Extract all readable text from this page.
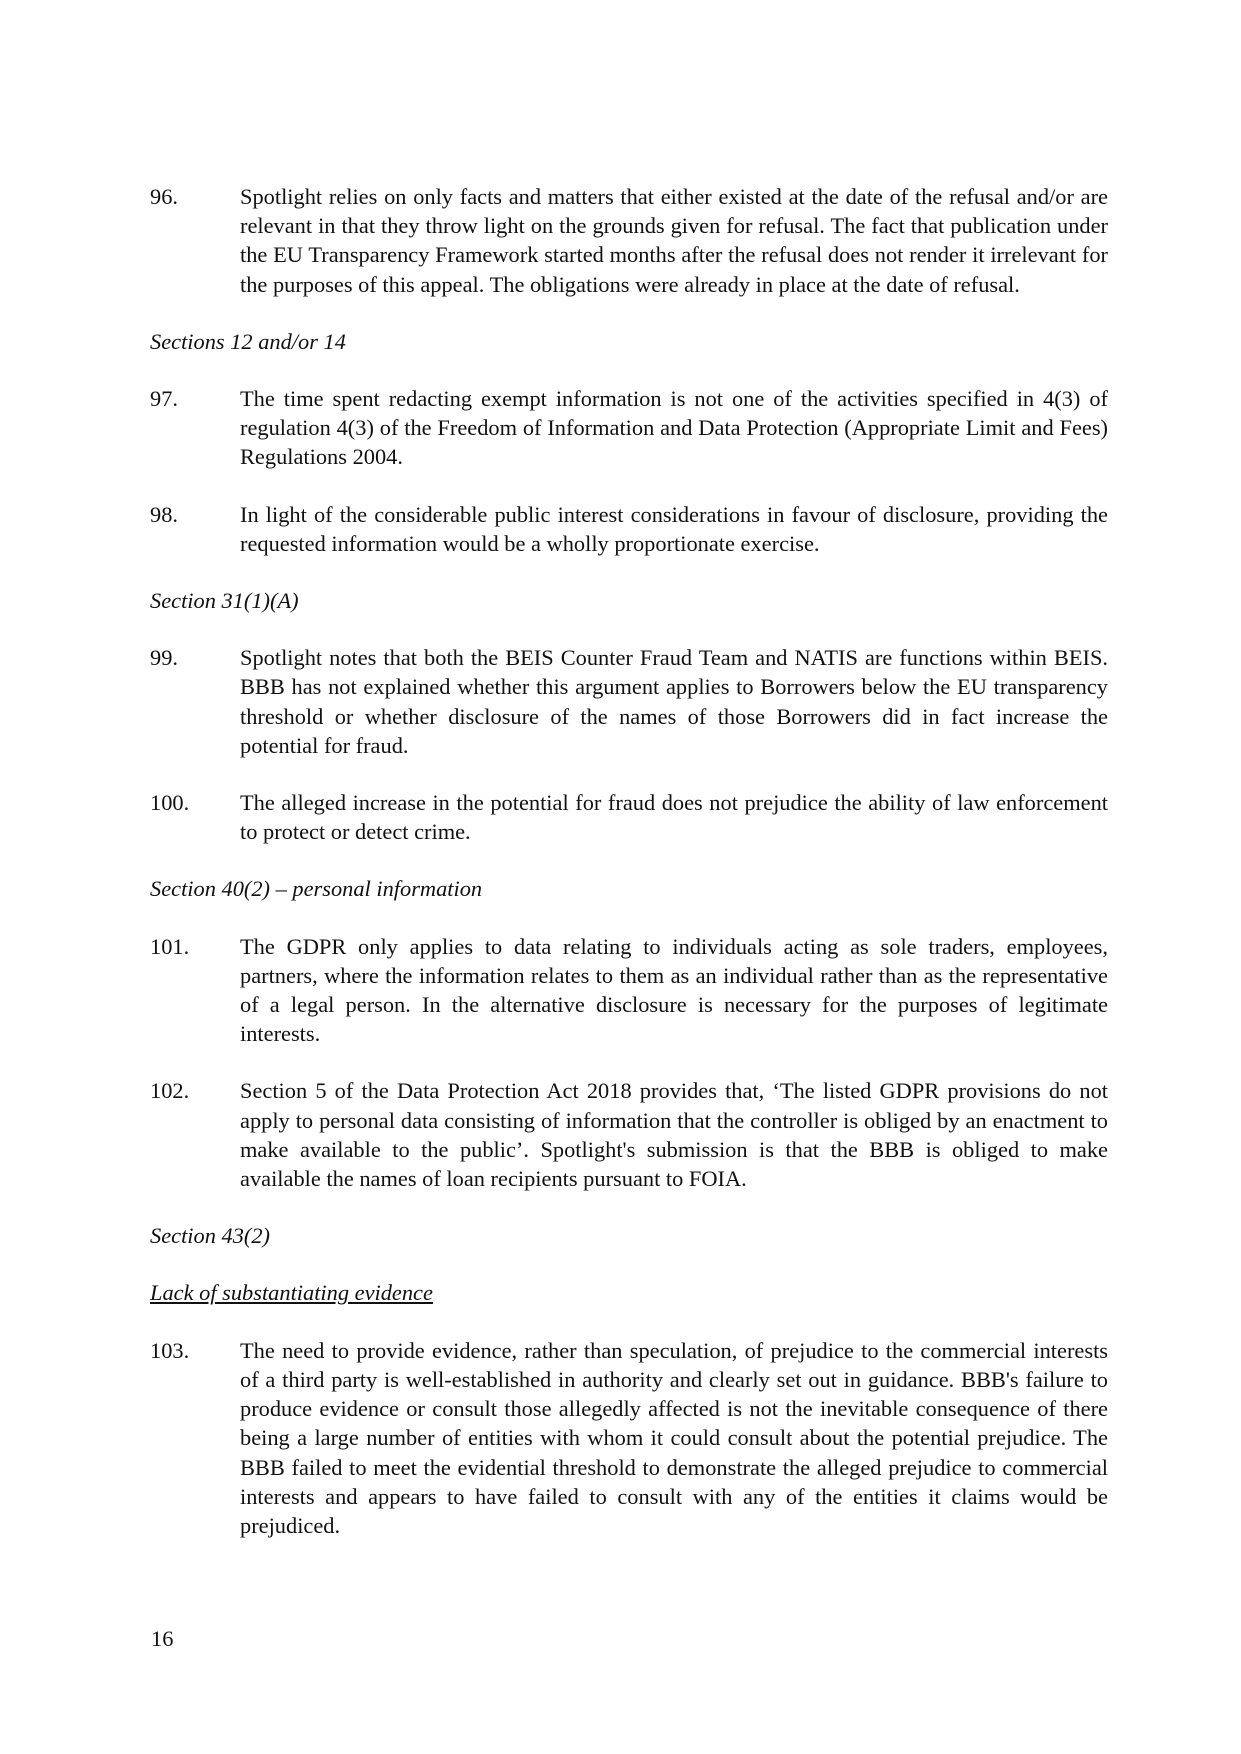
96.	Spotlight relies on only facts and matters that either existed at the date of the refusal and/or are relevant in that they throw light on the grounds given for refusal. The fact that publication under the EU Transparency Framework started months after the refusal does not render it irrelevant for the purposes of this appeal. The obligations were already in place at the date of refusal.
Sections 12 and/or 14
97.	The time spent redacting exempt information is not one of the activities specified in 4(3) of regulation 4(3) of the Freedom of Information and Data Protection (Appropriate Limit and Fees) Regulations 2004.
98.	In light of the considerable public interest considerations in favour of disclosure, providing the requested information would be a wholly proportionate exercise.
Section 31(1)(A)
99.	Spotlight notes that both the BEIS Counter Fraud Team and NATIS are functions within BEIS. BBB has not explained whether this argument applies to Borrowers below the EU transparency threshold or whether disclosure of the names of those Borrowers did in fact increase the potential for fraud.
100.	The alleged increase in the potential for fraud does not prejudice the ability of law enforcement to protect or detect crime.
Section 40(2) – personal information
101.	The GDPR only applies to data relating to individuals acting as sole traders, employees, partners, where the information relates to them as an individual rather than as the representative of a legal person. In the alternative disclosure is necessary for the purposes of legitimate interests.
102.	Section 5 of the Data Protection Act 2018 provides that, ‘The listed GDPR provisions do not apply to personal data consisting of information that the controller is obliged by an enactment to make available to the public’. Spotlight's submission is that the BBB is obliged to make available the names of loan recipients pursuant to FOIA.
Section 43(2)
Lack of substantiating evidence
103.	The need to provide evidence, rather than speculation, of prejudice to the commercial interests of a third party is well-established in authority and clearly set out in guidance. BBB's failure to produce evidence or consult those allegedly affected is not the inevitable consequence of there being a large number of entities with whom it could consult about the potential prejudice. The BBB failed to meet the evidential threshold to demonstrate the alleged prejudice to commercial interests and appears to have failed to consult with any of the entities it claims would be prejudiced.
16
